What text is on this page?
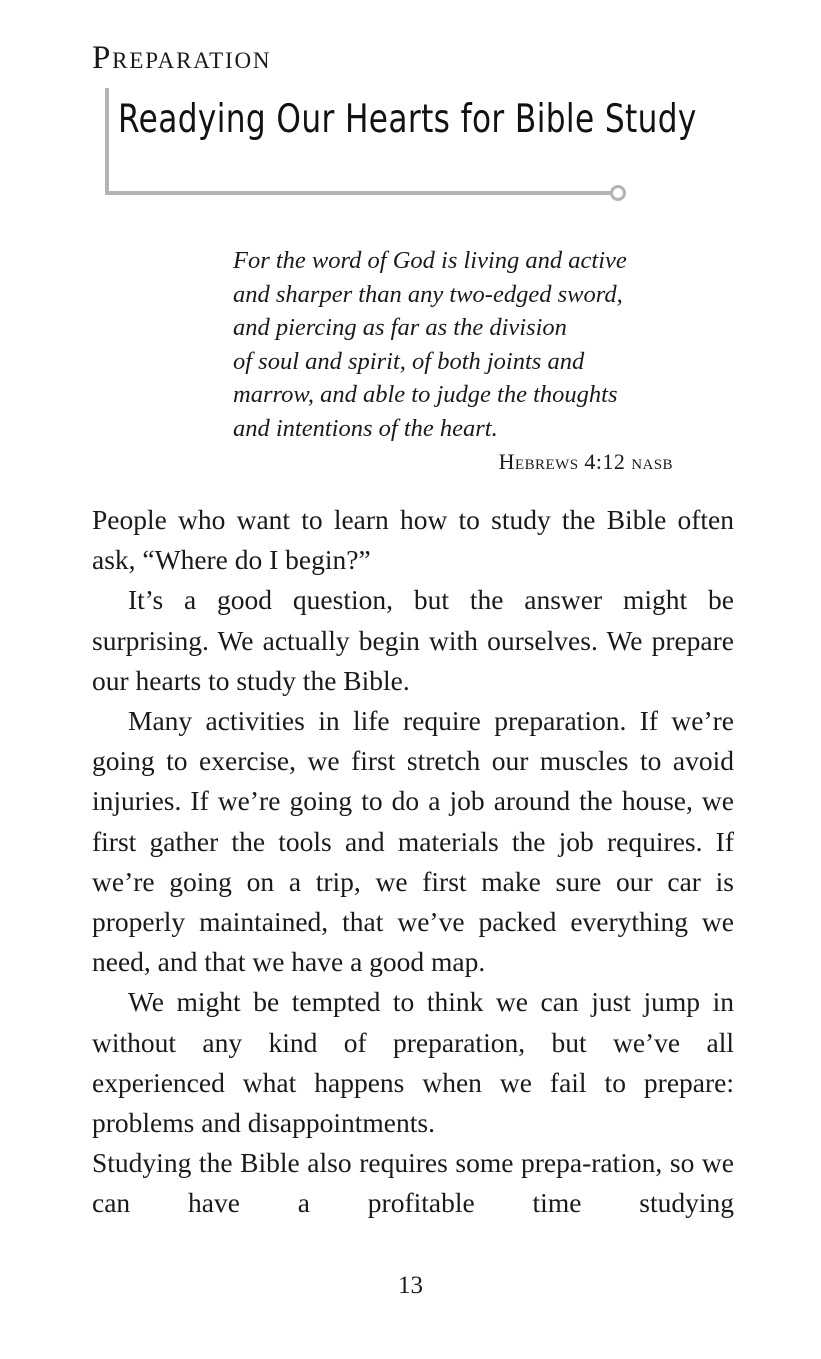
Preparation
Readying Our Hearts for Bible Study

For the word of God is living and active
and sharper than any two-edged sword,
and piercing as far as the division
of soul and spirit, of both joints and
marrow, and able to judge the thoughts
and intentions of the heart.

Hebrews 4:12 nasb

People who want to learn how to study the Bible often ask, “Where do I begin?”

It’s a good question, but the answer might be surprising. We actually begin with ourselves. We prepare our hearts to study the Bible.

Many activities in life require preparation. If we’re going to exercise, we first stretch our muscles to avoid injuries. If we’re going to do a job around the house, we first gather the tools and materials the job requires. If we’re going on a trip, we first make sure our car is properly maintained, that we’ve packed everything we need, and that we have a good map.

We might be tempted to think we can just jump in without any kind of preparation, but we’ve all experienced what happens when we fail to prepare: problems and disappointments.

Studying the Bible also requires some prepa-ration, so we can have a profitable time studying

13
